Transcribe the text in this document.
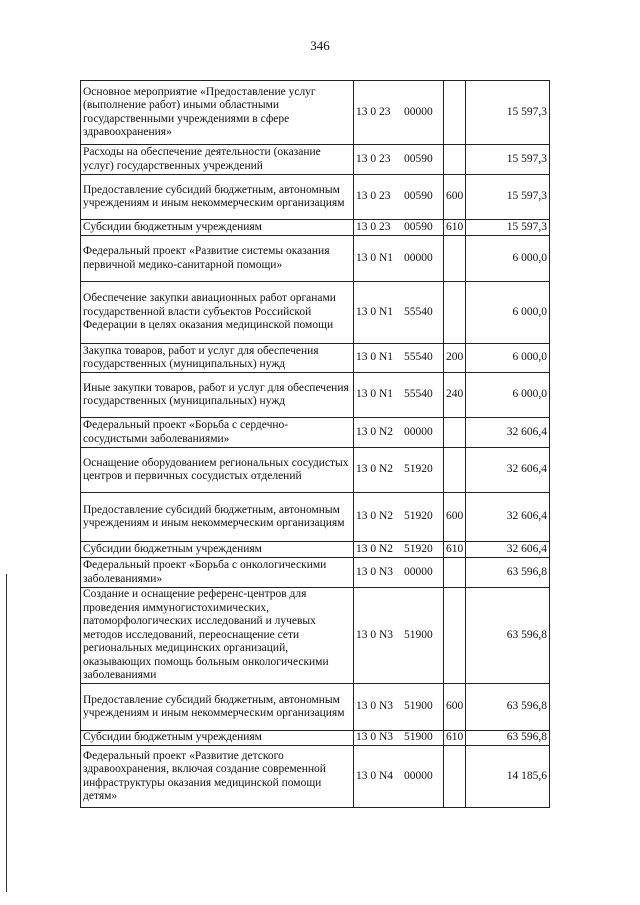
346
Основное мероприятие «Предоставление услуг (выполнение работ) иными областными государственными учреждениями в сфере здравоохранения»	13 0 23 00000		15 597,3
Расходы на обеспечение деятельности (оказание услуг) государственных учреждений	13 0 23 00590		15 597,3
Предоставление субсидий бюджетным, автономным учреждениям и иным некоммерческим организациям	13 0 23 00590	600	15 597,3
Субсидии бюджетным учреждениям	13 0 23 00590	610	15 597,3
Федеральный проект «Развитие системы оказания первичной медико-санитарной помощи»	13 0 N1 00000		6 000,0
Обеспечение закупки авиационных работ органами государственной власти субъектов Российской Федерации в целях оказания медицинской помощи	13 0 N1 55540		6 000,0
Закупка товаров, работ и услуг для обеспечения государственных (муниципальных) нужд	13 0 N1 55540	200	6 000,0
Иные закупки товаров, работ и услуг для обеспечения государственных (муниципальных) нужд	13 0 N1 55540	240	6 000,0
Федеральный проект «Борьба с сердечно-сосудистыми заболеваниями»	13 0 N2 00000		32 606,4
Оснащение оборудованием региональных сосудистых центров и первичных сосудистых отделений	13 0 N2 51920		32 606,4
Предоставление субсидий бюджетным, автономным учреждениям и иным некоммерческим организациям	13 0 N2 51920	600	32 606,4
Субсидии бюджетным учреждениям	13 0 N2 51920	610	32 606,4
Федеральный проект «Борьба с онкологическими заболеваниями»	13 0 N3 00000		63 596,8
Создание и оснащение референс-центров для проведения иммуногистохимических, патоморфологических исследований и лучевых методов исследований, переоснащение сети региональных медицинских организаций, оказывающих помощь больным онкологическими заболеваниями	13 0 N3 51900		63 596,8
Предоставление субсидий бюджетным, автономным учреждениям и иным некоммерческим организациям	13 0 N3 51900	600	63 596,8
Субсидии бюджетным учреждениям	13 0 N3 51900	610	63 596,8
Федеральный проект «Развитие детского здравоохранения, включая создание современной инфраструктуры оказания медицинской помощи детям»	13 0 N4 00000		14 185,6
